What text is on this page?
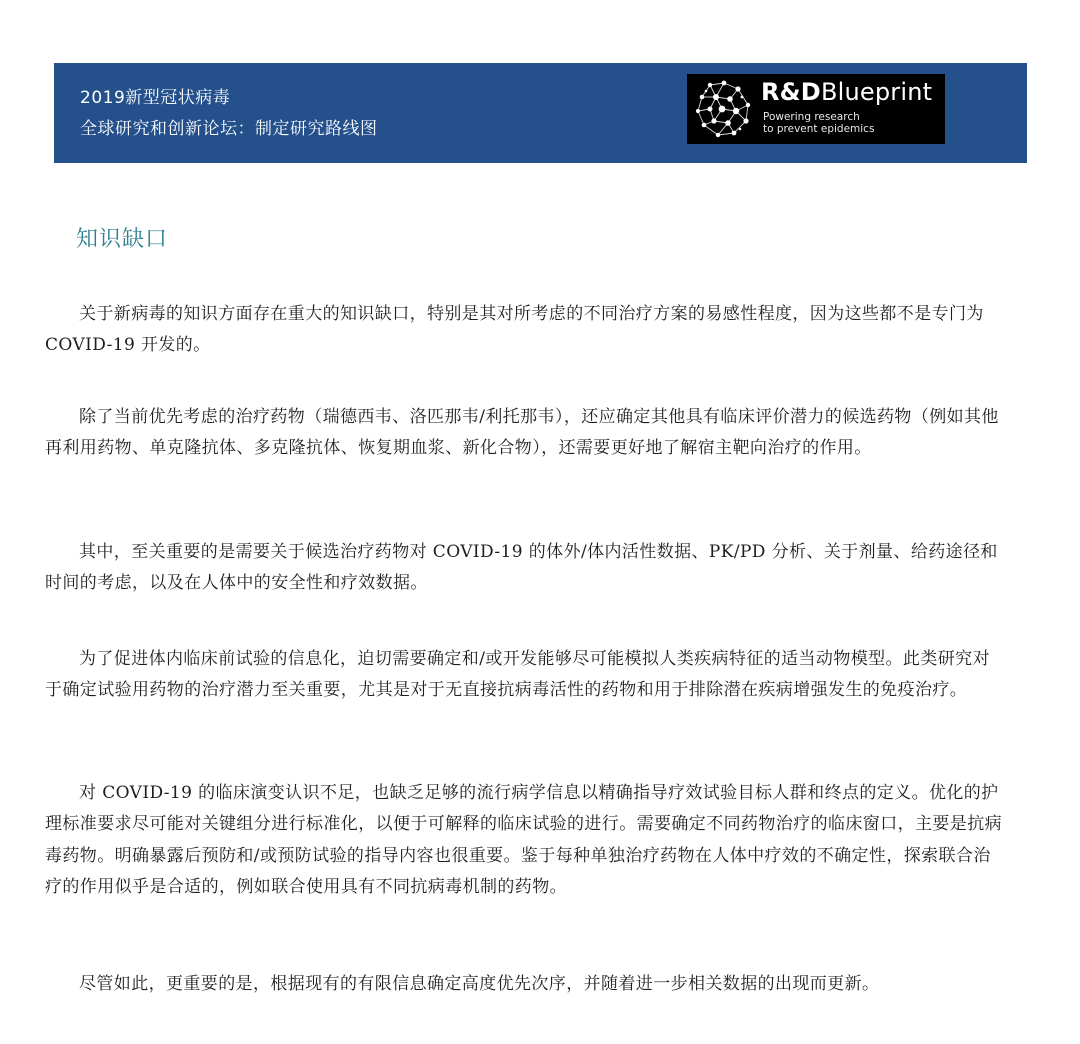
2019新型冠状病毒
全球研究和创新论坛：制定研究路线图
R&DBlueprint
Powering research
to prevent epidemics
知识缺口

关于新病毒的知识方面存在重大的知识缺口，特别是其对所考虑的不同治疗方案的易感性程度，因为这些都不是专门为 COVID-19 开发的。

除了当前优先考虑的治疗药物（瑞德西韦、洛匹那韦/利托那韦），还应确定其他具有临床评价潜力的候选药物（例如其他再利用药物、单克隆抗体、多克隆抗体、恢复期血浆、新化合物），还需要更好地了解宿主靶向治疗的作用。

其中，至关重要的是需要关于候选治疗药物对 COVID-19 的体外/体内活性数据、PK/PD 分析、关于剂量、给药途径和时间的考虑，以及在人体中的安全性和疗效数据。

为了促进体内临床前试验的信息化，迫切需要确定和/或开发能够尽可能模拟人类疾病特征的适当动物模型。此类研究对于确定试验用药物的治疗潜力至关重要，尤其是对于无直接抗病毒活性的药物和用于排除潜在疾病增强发生的免疫治疗。

对 COVID-19 的临床演变认识不足，也缺乏足够的流行病学信息以精确指导疗效试验目标人群和终点的定义。优化的护理标准要求尽可能对关键组分进行标准化，以便于可解释的临床试验的进行。需要确定不同药物治疗的临床窗口，主要是抗病毒药物。明确暴露后预防和/或预防试验的指导内容也很重要。鉴于每种单独治疗药物在人体中疗效的不确定性，探索联合治疗的作用似乎是合适的，例如联合使用具有不同抗病毒机制的药物。

尽管如此，更重要的是，根据现有的有限信息确定高度优先次序，并随着进一步相关数据的出现而更新。
